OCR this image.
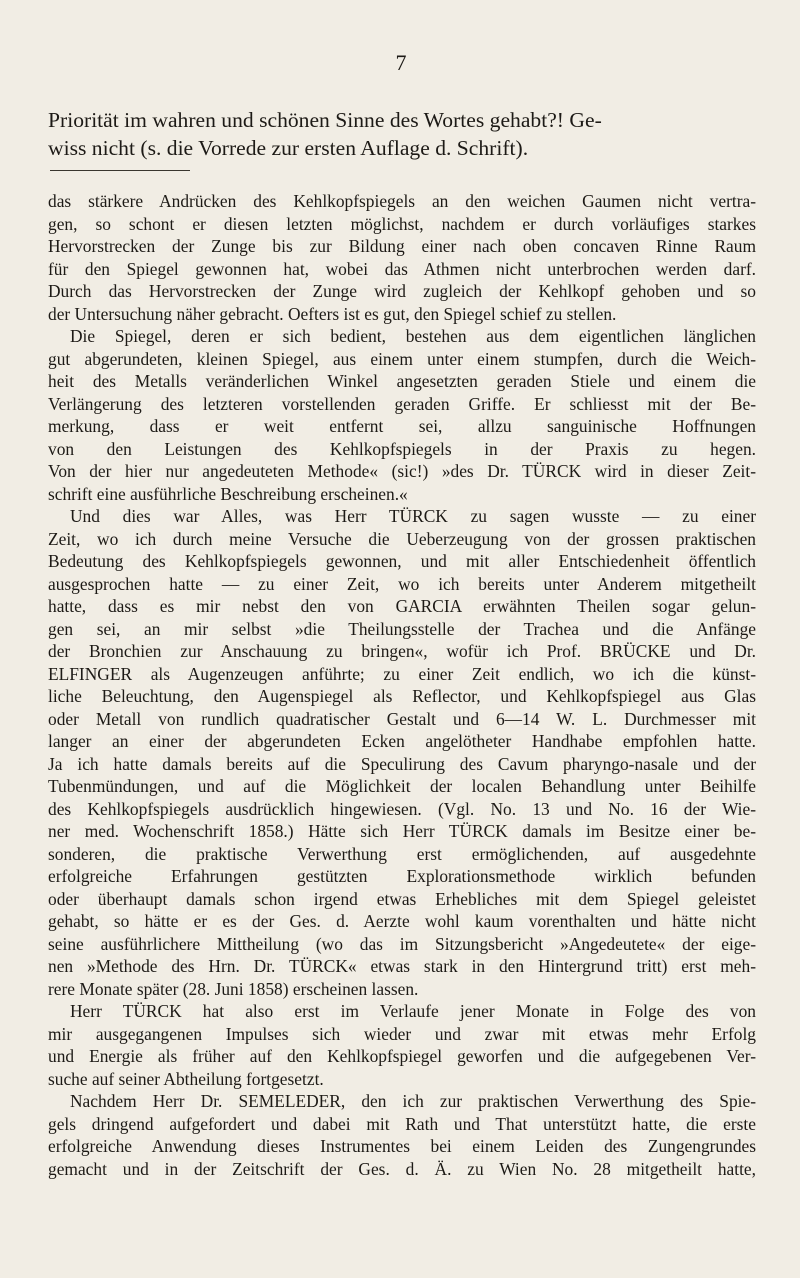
7
Priorität im wahren und schönen Sinne des Wortes gehabt?! Ge-
wiss nicht (s. die Vorrede zur ersten Auflage d. Schrift).
das stärkere Andrücken des Kehlkopfspiegels an den weichen Gaumen nicht vertra-
gen, so schont er diesen letzten möglichst, nachdem er durch vorläufiges starkes
Hervorstrecken der Zunge bis zur Bildung einer nach oben concaven Rinne Raum
für den Spiegel gewonnen hat, wobei das Athmen nicht unterbrochen werden darf.
Durch das Hervorstrecken der Zunge wird zugleich der Kehlkopf gehoben und so
der Untersuchung näher gebracht. Oefters ist es gut, den Spiegel schief zu stellen.
Die Spiegel, deren er sich bedient, bestehen aus dem eigentlichen länglichen
gut abgerundeten, kleinen Spiegel, aus einem unter einem stumpfen, durch die Weich-
heit des Metalls veränderlichen Winkel angesetzten geraden Stiele und einem die
Verlängerung des letzteren vorstellenden geraden Griffe. Er schliesst mit der Be-
merkung, dass er weit entfernt sei, allzu sanguinische Hoffnungen
von den Leistungen des Kehlkopfspiegels in der Praxis zu hegen.
Von der hier nur angedeuteten Methode« (sic!) »des Dr. TÜRCK wird in dieser Zeit-
schrift eine ausführliche Beschreibung erscheinen.«
Und dies war Alles, was Herr TÜRCK zu sagen wusste — zu einer
Zeit, wo ich durch meine Versuche die Ueberzeugung von der grossen praktischen
Bedeutung des Kehlkopfspiegels gewonnen, und mit aller Entschiedenheit öffentlich
ausgesprochen hatte — zu einer Zeit, wo ich bereits unter Anderem mitgetheilt
hatte, dass es mir nebst den von GARCIA erwähnten Theilen sogar gelun-
gen sei, an mir selbst »die Theilungsstelle der Trachea und die Anfänge
der Bronchien zur Anschauung zu bringen«, wofür ich Prof. BRÜCKE und Dr.
ELFINGER als Augenzeugen anführte; zu einer Zeit endlich, wo ich die künst-
liche Beleuchtung, den Augenspiegel als Reflector, und Kehlkopfspiegel aus Glas
oder Metall von rundlich quadratischer Gestalt und 6—14 W. L. Durchmesser mit
langer an einer der abgerundeten Ecken angelötheter Handhabe empfohlen hatte.
Ja ich hatte damals bereits auf die Speculirung des Cavum pharyngo-nasale und der
Tubenmündungen, und auf die Möglichkeit der localen Behandlung unter Beihilfe
des Kehlkopfspiegels ausdrücklich hingewiesen. (Vgl. No. 13 und No. 16 der Wie-
ner med. Wochenschrift 1858.) Hätte sich Herr TÜRCK damals im Besitze einer be-
sonderen, die praktische Verwerthung erst ermöglichenden, auf ausgedehnte
erfolgreiche Erfahrungen gestützten Explorationsmethode wirklich befunden
oder überhaupt damals schon irgend etwas Erhebliches mit dem Spiegel geleistet
gehabt, so hätte er es der Ges. d. Aerzte wohl kaum vorenthalten und hätte nicht
seine ausführlichere Mittheilung (wo das im Sitzungsbericht »Angedeutete« der eige-
nen »Methode des Hrn. Dr. TÜRCK« etwas stark in den Hintergrund tritt) erst meh-
rere Monate später (28. Juni 1858) erscheinen lassen.
Herr TÜRCK hat also erst im Verlaufe jener Monate in Folge des von
mir ausgegangenen Impulses sich wieder und zwar mit etwas mehr Erfolg
und Energie als früher auf den Kehlkopfspiegel geworfen und die aufgegebenen Ver-
suche auf seiner Abtheilung fortgesetzt.
Nachdem Herr Dr. SEMELEDER, den ich zur praktischen Verwerthung des Spie-
gels dringend aufgefordert und dabei mit Rath und That unterstützt hatte, die erste
erfolgreiche Anwendung dieses Instrumentes bei einem Leiden des Zungengrundes
gemacht und in der Zeitschrift der Ges. d. Ä. zu Wien No. 28 mitgetheilt hatte,
